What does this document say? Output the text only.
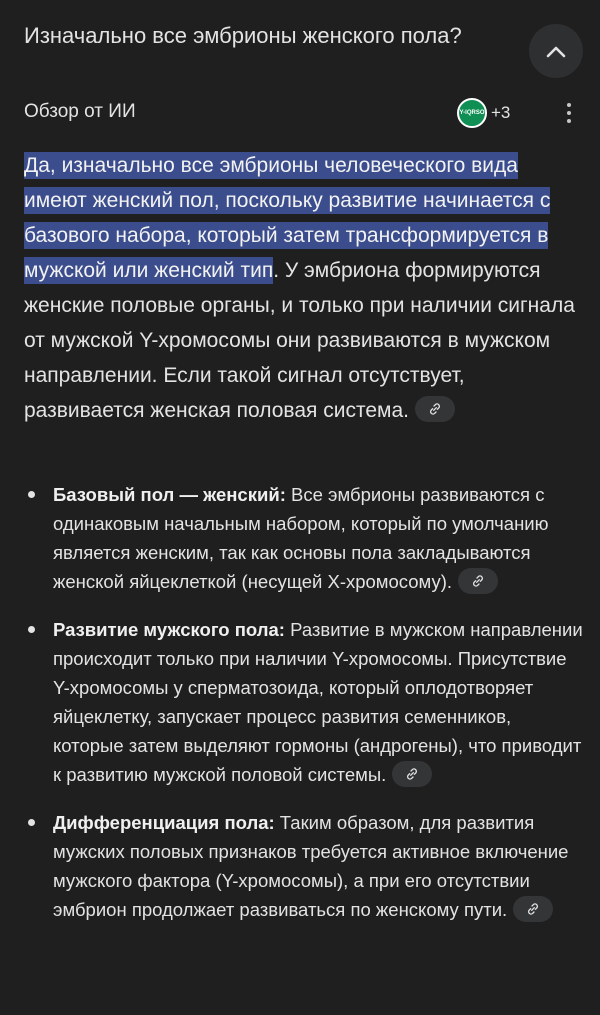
Изначально все эмбрионы женского пола?
Обзор от ИИ	Y-IQRSO +3
Да, изначально все эмбрионы человеческого вида имеют женский пол, поскольку развитие начинается с базового набора, который затем трансформируется в мужской или женский тип. У эмбриона формируются женские половые органы, и только при наличии сигнала от мужской Y-хромосомы они развиваются в мужском направлении. Если такой сигнал отсутствует, развивается женская половая система.
Базовый пол — женский: Все эмбрионы развиваются с одинаковым начальным набором, который по умолчанию является женским, так как основы пола закладываются женской яйцеклеткой (несущей X-хромосому).
Развитие мужского пола: Развитие в мужском направлении происходит только при наличии Y-хромосомы. Присутствие Y-хромосомы у сперматозоида, который оплодотворяет яйцеклетку, запускает процесс развития семенников, которые затем выделяют гормоны (андрогены), что приводит к развитию мужской половой системы.
Дифференциация пола: Таким образом, для развития мужских половых признаков требуется активное включение мужского фактора (Y-хромосомы), а при его отсутствии эмбрион продолжает развиваться по женскому пути.
